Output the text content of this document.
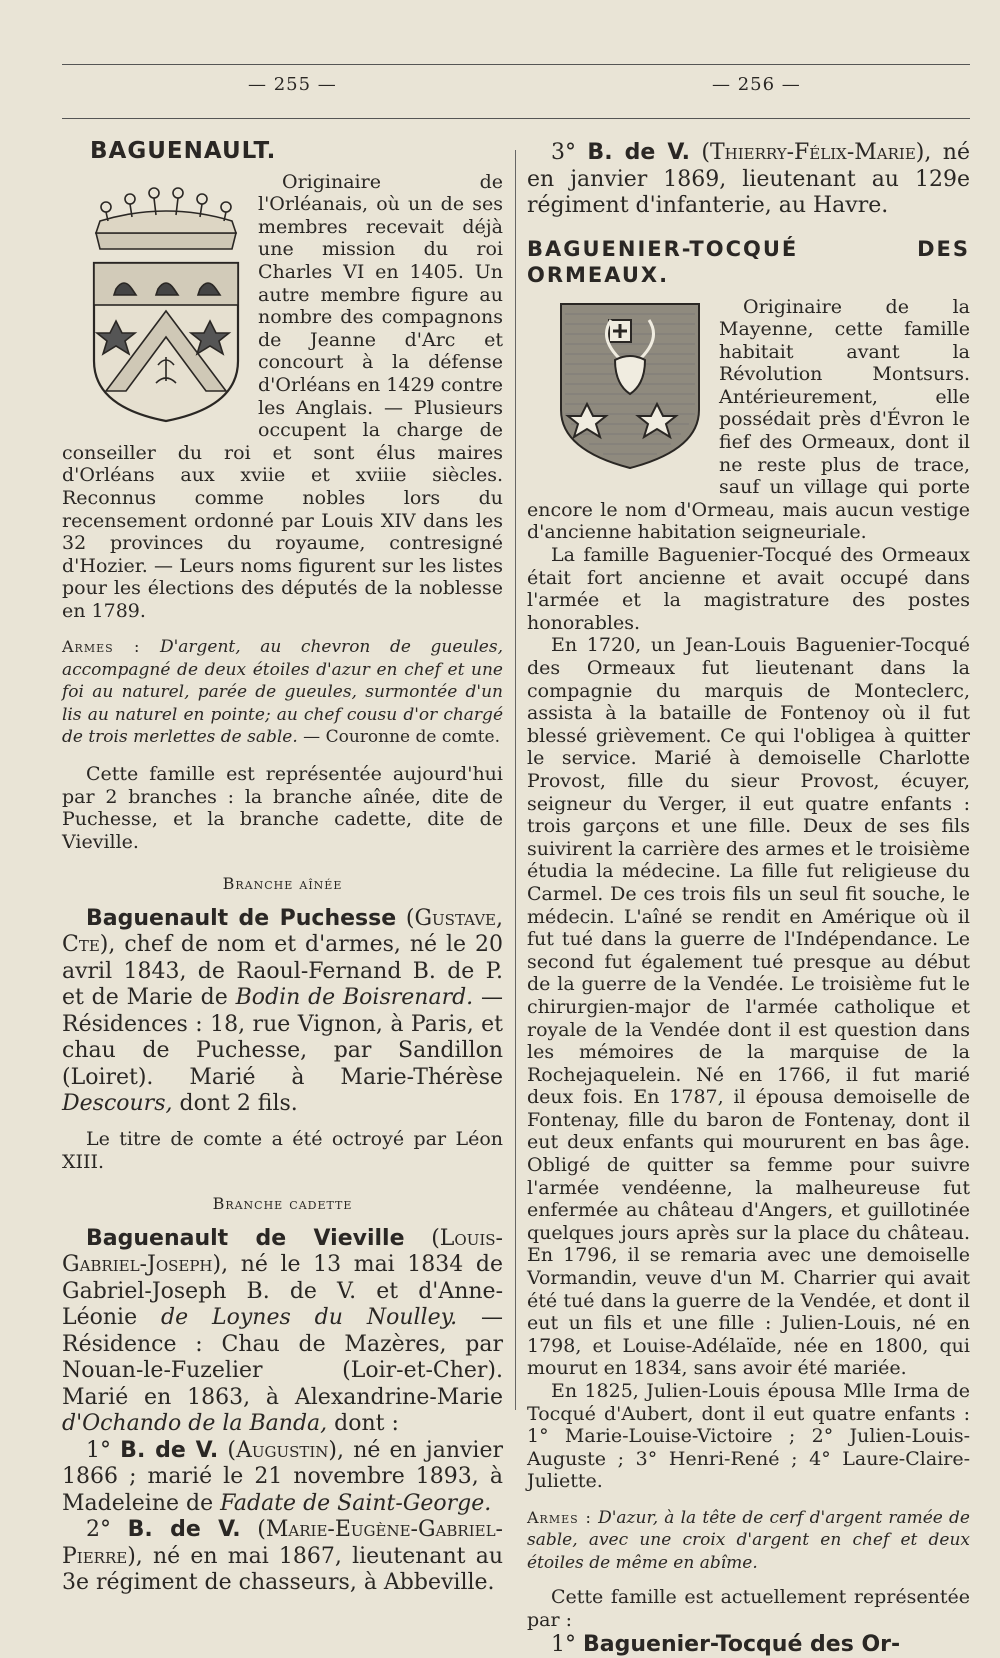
— 255 —	— 256 —

BAGUENAULT.

Originaire de l'Orléanais, où un de ses membres recevait déjà une mission du roi Charles VI en 1405. Un autre membre figure au nombre des compagnons de Jeanne d'Arc et concourt à la défense d'Orléans en 1429 contre les Anglais. — Plusieurs occupent la charge de conseiller du roi et sont élus maires d'Orléans aux xviie et xviiie siècles. Reconnus comme nobles lors du recensement ordonné par Louis XIV dans les 32 provinces du royaume, contresigné d'Hozier. — Leurs noms figurent sur les listes pour les élections des députés de la noblesse en 1789.

Armes : D'argent, au chevron de gueules, accompagné de deux étoiles d'azur en chef et une foi au naturel, parée de gueules, surmontée d'un lis au naturel en pointe; au chef cousu d'or chargé de trois merlettes de sable. — Couronne de comte.

Cette famille est représentée aujourd'hui par 2 branches : la branche aînée, dite de Puchesse, et la branche cadette, dite de Vieville.

Branche aînée

Baguenault de Puchesse (Gustave, Cte), chef de nom et d'armes, né le 20 avril 1843, de Raoul-Fernand B. de P. et de Marie de Bodin de Boisrenard. — Résidences : 18, rue Vignon, à Paris, et chau de Puchesse, par Sandillon (Loiret). Marié à Marie-Thérèse Descours, dont 2 fils.

Le titre de comte a été octroyé par Léon XIII.

Branche cadette

Baguenault de Vieville (Louis-Gabriel-Joseph), né le 13 mai 1834 de Gabriel-Joseph B. de V. et d'Anne-Léonie de Loynes du Noulley. — Résidence : Chau de Mazères, par Nouan-le-Fuzelier (Loir-et-Cher). Marié en 1863, à Alexandrine-Marie d'Ochando de la Banda, dont :

1° B. de V. (Augustin), né en janvier 1866 ; marié le 21 novembre 1893, à Madeleine de Fadate de Saint-George.

2° B. de V. (Marie-Eugène-Gabriel-Pierre), né en mai 1867, lieutenant au 3e régiment de chasseurs, à Abbeville.

3° B. de V. (Thierry-Félix-Marie), né en janvier 1869, lieutenant au 129e régiment d'infanterie, au Havre.

BAGUENIER-TOCQUÉ DES ORMEAUX.

Originaire de la Mayenne, cette famille habitait avant la Révolution Montsurs. Antérieurement, elle possédait près d'Évron le fief des Ormeaux, dont il ne reste plus de trace, sauf un village qui porte encore le nom d'Ormeau, mais aucun vestige d'ancienne habitation seigneuriale.

La famille Baguenier-Tocqué des Ormeaux était fort ancienne et avait occupé dans l'armée et la magistrature des postes honorables.

En 1720, un Jean-Louis Baguenier-Tocqué des Ormeaux fut lieutenant dans la compagnie du marquis de Monteclerc, assista à la bataille de Fontenoy où il fut blessé grièvement. Ce qui l'obligea à quitter le service. Marié à demoiselle Charlotte Provost, fille du sieur Provost, écuyer, seigneur du Verger, il eut quatre enfants : trois garçons et une fille. Deux de ses fils suivirent la carrière des armes et le troisième étudia la médecine. La fille fut religieuse du Carmel. De ces trois fils un seul fit souche, le médecin. L'aîné se rendit en Amérique où il fut tué dans la guerre de l'Indépendance. Le second fut également tué presque au début de la guerre de la Vendée. Le troisième fut le chirurgien-major de l'armée catholique et royale de la Vendée dont il est question dans les mémoires de la marquise de la Rochejaquelein. Né en 1766, il fut marié deux fois. En 1787, il épousa demoiselle de Fontenay, fille du baron de Fontenay, dont il eut deux enfants qui moururent en bas âge. Obligé de quitter sa femme pour suivre l'armée vendéenne, la malheureuse fut enfermée au château d'Angers, et guillotinée quelques jours après sur la place du château. En 1796, il se remaria avec une demoiselle Vormandin, veuve d'un M. Charrier qui avait été tué dans la guerre de la Vendée, et dont il eut un fils et une fille : Julien-Louis, né en 1798, et Louise-Adélaïde, née en 1800, qui mourut en 1834, sans avoir été mariée.

En 1825, Julien-Louis épousa Mlle Irma de Tocqué d'Aubert, dont il eut quatre enfants : 1° Marie-Louise-Victoire ; 2° Julien-Louis-Auguste ; 3° Henri-René ; 4° Laure-Claire-Juliette.

Armes : D'azur, à la tête de cerf d'argent ramée de sable, avec une croix d'argent en chef et deux étoiles de même en abîme.

Cette famille est actuellement représentée par :

1° Baguenier-Tocqué des Or-
